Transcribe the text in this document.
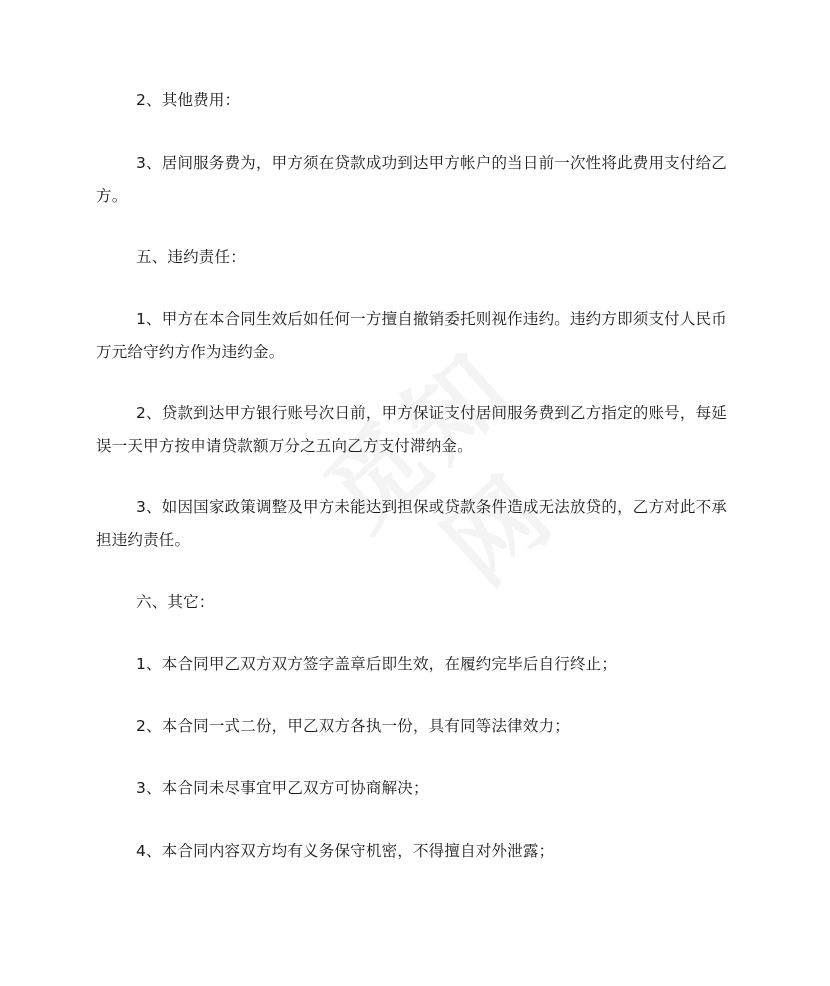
2、其他费用：

3、居间服务费为，甲方须在贷款成功到达甲方帐户的当日前一次性将此费用支付给乙方。

五、违约责任：

1、甲方在本合同生效后如任何一方擅自撤销委托则视作违约。违约方即须支付人民币万元给守约方作为违约金。

2、贷款到达甲方银行账号次日前，甲方保证支付居间服务费到乙方指定的账号，每延误一天甲方按申请贷款额万分之五向乙方支付滞纳金。

3、如因国家政策调整及甲方未能达到担保或贷款条件造成无法放贷的，乙方对此不承担违约责任。

六、其它：

1、本合同甲乙双方双方签字盖章后即生效，在履约完毕后自行终止；

2、本合同一式二份，甲乙双方各执一份，具有同等法律效力；

3、本合同未尽事宜甲乙双方可协商解决；

4、本合同内容双方均有义务保守机密，不得擅自对外泄露；
